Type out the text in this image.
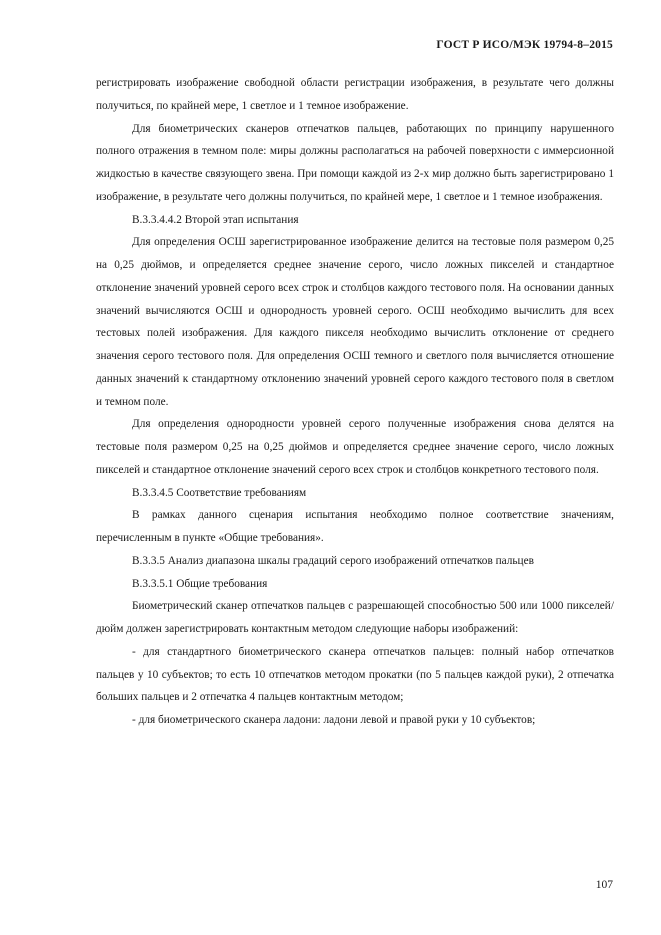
ГОСТ Р ИСО/МЭК 19794-8–2015

регистрировать изображение свободной области регистрации изображения, в результате чего должны получиться, по крайней мере, 1 светлое и 1 темное изображение.

Для биометрических сканеров отпечатков пальцев, работающих по принципу нарушенного полного отражения в темном поле: миры должны располагаться на рабочей поверхности с иммерсионной жидкостью в качестве связующего звена. При помощи каждой из 2-х мир должно быть зарегистрировано 1 изображение, в результате чего должны получиться, по крайней мере, 1 светлое и 1 темное изображения.

В.3.3.4.4.2 Второй этап испытания

Для определения ОСШ зарегистрированное изображение делится на тестовые поля размером 0,25 на 0,25 дюймов, и определяется среднее значение серого, число ложных пикселей и стандартное отклонение значений уровней серого всех строк и столбцов каждого тестового поля. На основании данных значений вычисляются ОСШ и однородность уровней серого. ОСШ необходимо вычислить для всех тестовых полей изображения. Для каждого пикселя необходимо вычислить отклонение от среднего значения серого тестового поля. Для определения ОСШ темного и светлого поля вычисляется отношение данных значений к стандартному отклонению значений уровней серого каждого тестового поля в светлом и темном поле.

Для определения однородности уровней серого полученные изображения снова делятся на тестовые поля размером 0,25 на 0,25 дюймов и определяется среднее значение серого, число ложных пикселей и стандартное отклонение значений серого всех строк и столбцов конкретного тестового поля.

В.3.3.4.5 Соответствие требованиям

В рамках данного сценария испытания необходимо полное соответствие значениям, перечисленным в пункте «Общие требования».

В.3.3.5 Анализ диапазона шкалы градаций серого изображений отпечатков пальцев

В.3.3.5.1 Общие требования

Биометрический сканер отпечатков пальцев с разрешающей способностью 500 или 1000 пикселей/дюйм должен зарегистрировать контактным методом следующие наборы изображений:

- для стандартного биометрического сканера отпечатков пальцев: полный набор отпечатков пальцев у 10 субъектов; то есть 10 отпечатков методом прокатки (по 5 пальцев каждой руки), 2 отпечатка больших пальцев и 2 отпечатка 4 пальцев контактным методом;

- для биометрического сканера ладони: ладони левой и правой руки у 10 субъектов;

107
